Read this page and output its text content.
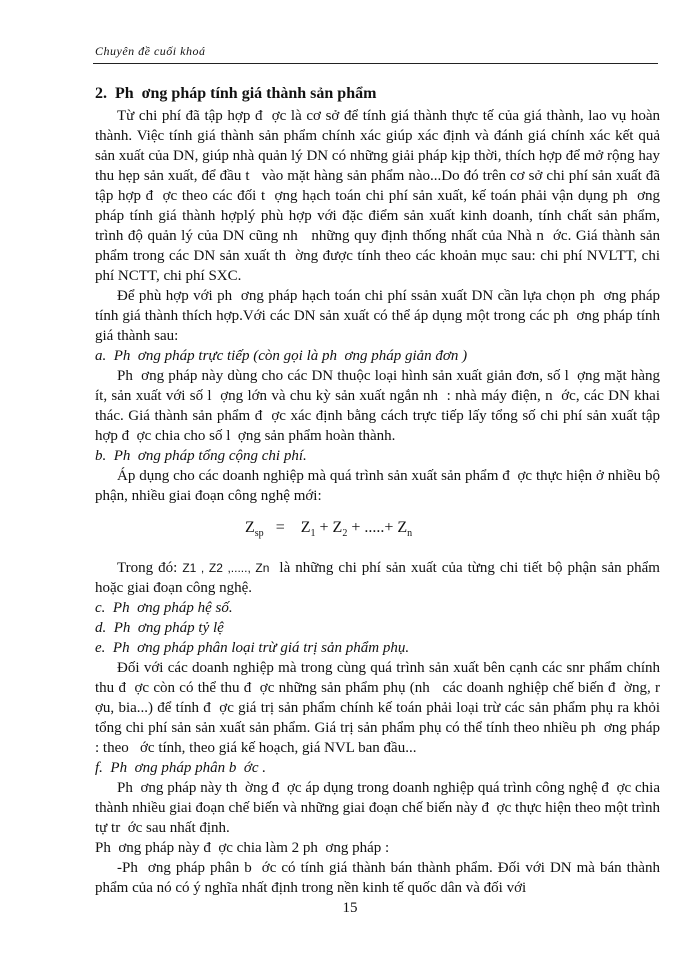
Chuyên đề cuối khoá
2.  Ph  ơng pháp tính giá thành sản phẩm

Từ chi phí đã tập hợp đ  ợc là cơ sở để tính giá thành thực tế của giá thành, lao vụ hoàn thành. Việc tính giá thành sản phẩm chính xác giúp xác định và đánh giá chính xác kết quả sản xuất của DN, giúp nhà quản lý DN có những giải pháp kịp thời, thích hợp để mở rộng hay thu hẹp sản xuất, để đầu t   vào mặt hàng sản phẩm nào...Do đó trên cơ sở chi phí sản xuất đã tập hợp đ  ợc theo các đối t  ợng hạch toán chi phí sản xuất, kế toán phải vận dụng ph  ơng pháp tính giá thành hợplý phù hợp với đặc điểm sản xuất kinh doanh, tính chất sản phẩm, trình độ quản lý của DN cũng nh   những quy định thống nhất của Nhà n  ớc. Giá thành sản phẩm trong các DN sản xuất th  ờng được tính theo các khoản mục sau: chi phí NVLTT, chi phí NCTT, chi phí SXC.

Để phù hợp với ph  ơng pháp hạch toán chi phí ssản xuất DN cần lựa chọn ph  ơng pháp tính giá thành thích hợp.Với các DN sản xuất có thể áp dụng một trong các ph  ơng pháp tính giá thành sau:

a.  Ph  ơng pháp trực tiếp (còn gọi là ph  ơng pháp giản đơn )

Ph  ơng pháp này dùng cho các DN thuộc loại hình sản xuất giản đơn, số l  ợng mặt hàng ít, sản xuất với số l  ợng lớn và chu kỳ sản xuất ngắn nh  : nhà máy điện, n  ớc, các DN khai thác. Giá thành sản phẩm đ  ợc xác định bằng cách trực tiếp lấy tổng số chi phí sản xuất tập hợp đ  ợc chia cho số l  ợng sản phẩm hoàn thành.

b.  Ph  ơng pháp tổng cộng chi phí.

Áp dụng cho các doanh nghiệp mà quá trình sản xuất sản phẩm đ  ợc thực hiện ở nhiều bộ phận, nhiều giai đoạn công nghệ mới:

$Z_{sp} = Z_1 + Z_2$ + .....+ $Z_n$

Trong đó: Z1 , Z2 ,....., Zn  là những chi phí sản xuất của từng chi tiết bộ phận sản phẩm hoặc giai đoạn công nghệ.

c.  Ph  ơng pháp hệ số.

d.  Ph  ơng pháp tỷ lệ

e.  Ph  ơng pháp phân loại trừ giá trị sản phẩm phụ.

Đối với các doanh nghiệp mà trong cùng quá trình sản xuất bên cạnh các snr phẩm chính thu đ  ợc còn có thể thu đ  ợc những sản phẩm phụ (nh   các doanh nghiệp chế biến đ  ờng, r  ợu, bia...) để tính đ  ợc giá trị sản phẩm chính kế toán phải loại trừ các sản phẩm phụ ra khỏi tổng chi phí sản sản xuất sản phẩm. Giá trị sản phẩm phụ có thể tính theo nhiều ph  ơng pháp : theo   ớc tính, theo giá kế hoạch, giá NVL ban đầu...

f.  Ph  ơng pháp phân b  ớc .

Ph  ơng pháp này th  ờng đ  ợc áp dụng trong doanh nghiệp quá trình công nghệ đ  ợc chia thành nhiều giai đoạn chế biến và những giai đoạn chế biến này đ  ợc thực hiện theo một trình tự tr  ớc sau nhất định.

Ph  ơng pháp này đ  ợc chia làm 2 ph  ơng pháp :

-Ph  ơng pháp phân b  ớc có tính giá thành bán thành phẩm. Đối với DN mà bán thành phẩm của nó có ý nghĩa nhất định trong nền kinh tế quốc dân và đối với

15
